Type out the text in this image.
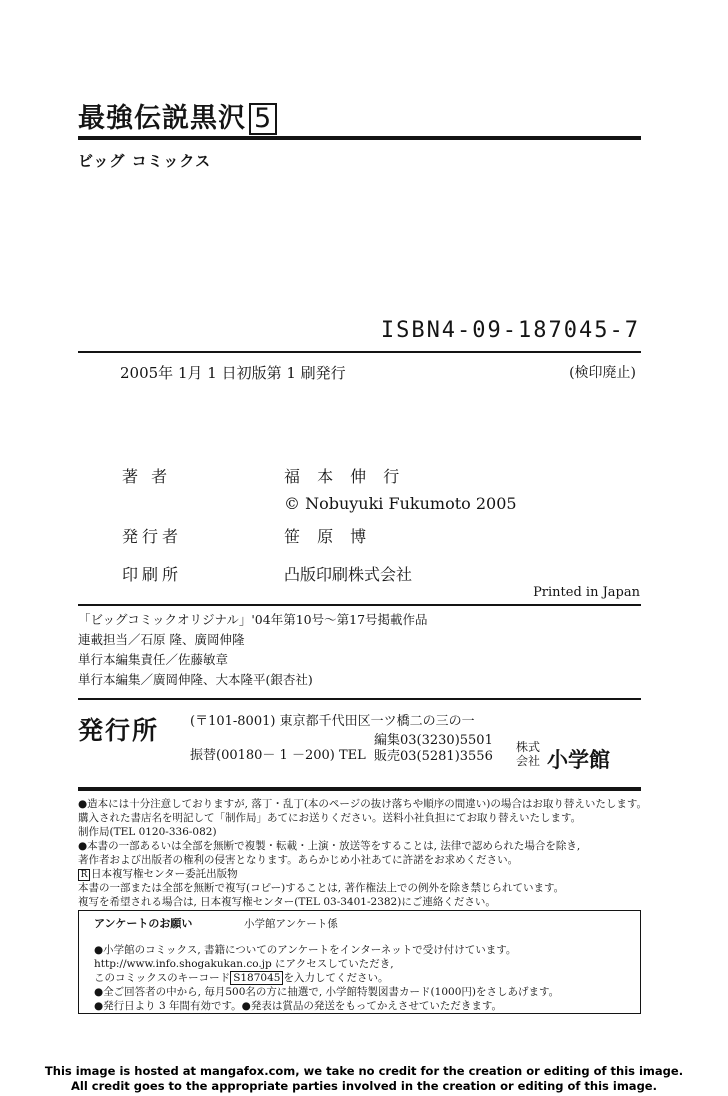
最強伝説黒沢 5
ビッグ コミックス
ISBN4-09-187045-7
2005年 1月 1 日初版第 1 刷発行	(検印廃止)
著 者	福 本 伸 行
© Nobuyuki Fukumoto 2005
発行者	笹 原 博
印刷所	凸版印刷株式会社
Printed in Japan
「ビッグコミックオリジナル」'04年第10号～第17号掲載作品
連載担当／石原 隆、廣岡伸隆
単行本編集責任／佐藤敏章
単行本編集／廣岡伸隆、大本隆平(銀杏社)
発行所 (〒101-8001) 東京都千代田区一ツ橋二の三の一
振替(00180－ 1 －200) TEL
編集03(3230)5501
販売03(5281)3556
株式
会社 小学館
●造本には十分注意しておりますが, 落丁・乱丁(本のページの抜け落ちや順序の間違い)の場合はお取り替えいたします。
購入された書店名を明記して「制作局」あてにお送りください。送料小社負担にてお取り替えいたします。
制作局(TEL 0120-336-082)
●本書の一部あるいは全部を無断で複製・転載・上演・放送等をすることは, 法律で認められた場合を除き,
著作者および出版者の権利の侵害となります。あらかじめ小社あてに許諾をお求めください。
R 日本複写権センター委託出版物
本書の一部または全部を無断で複写(コピー)することは, 著作権法上での例外を除き禁じられています。
複写を希望される場合は, 日本複写権センター(TEL 03-3401-2382)にご連絡ください。
アンケートのお願い	小学館アンケート係
●小学館のコミックス, 書籍についてのアンケートをインターネットで受け付けています。
http://www.info.shogakukan.co.jp にアクセスしていただき,
このコミックスのキーコード S187045 を入力してください。
●全ご回答者の中から, 毎月500名の方に抽選で, 小学館特製図書カード(1000円)をさしあげます。
●発行日より 3 年間有効です。●発表は賞品の発送をもってかえさせていただきます。
This image is hosted at mangafox.com, we take no credit for the creation or editing of this image.
All credit goes to the appropriate parties involved in the creation or editing of this image.
